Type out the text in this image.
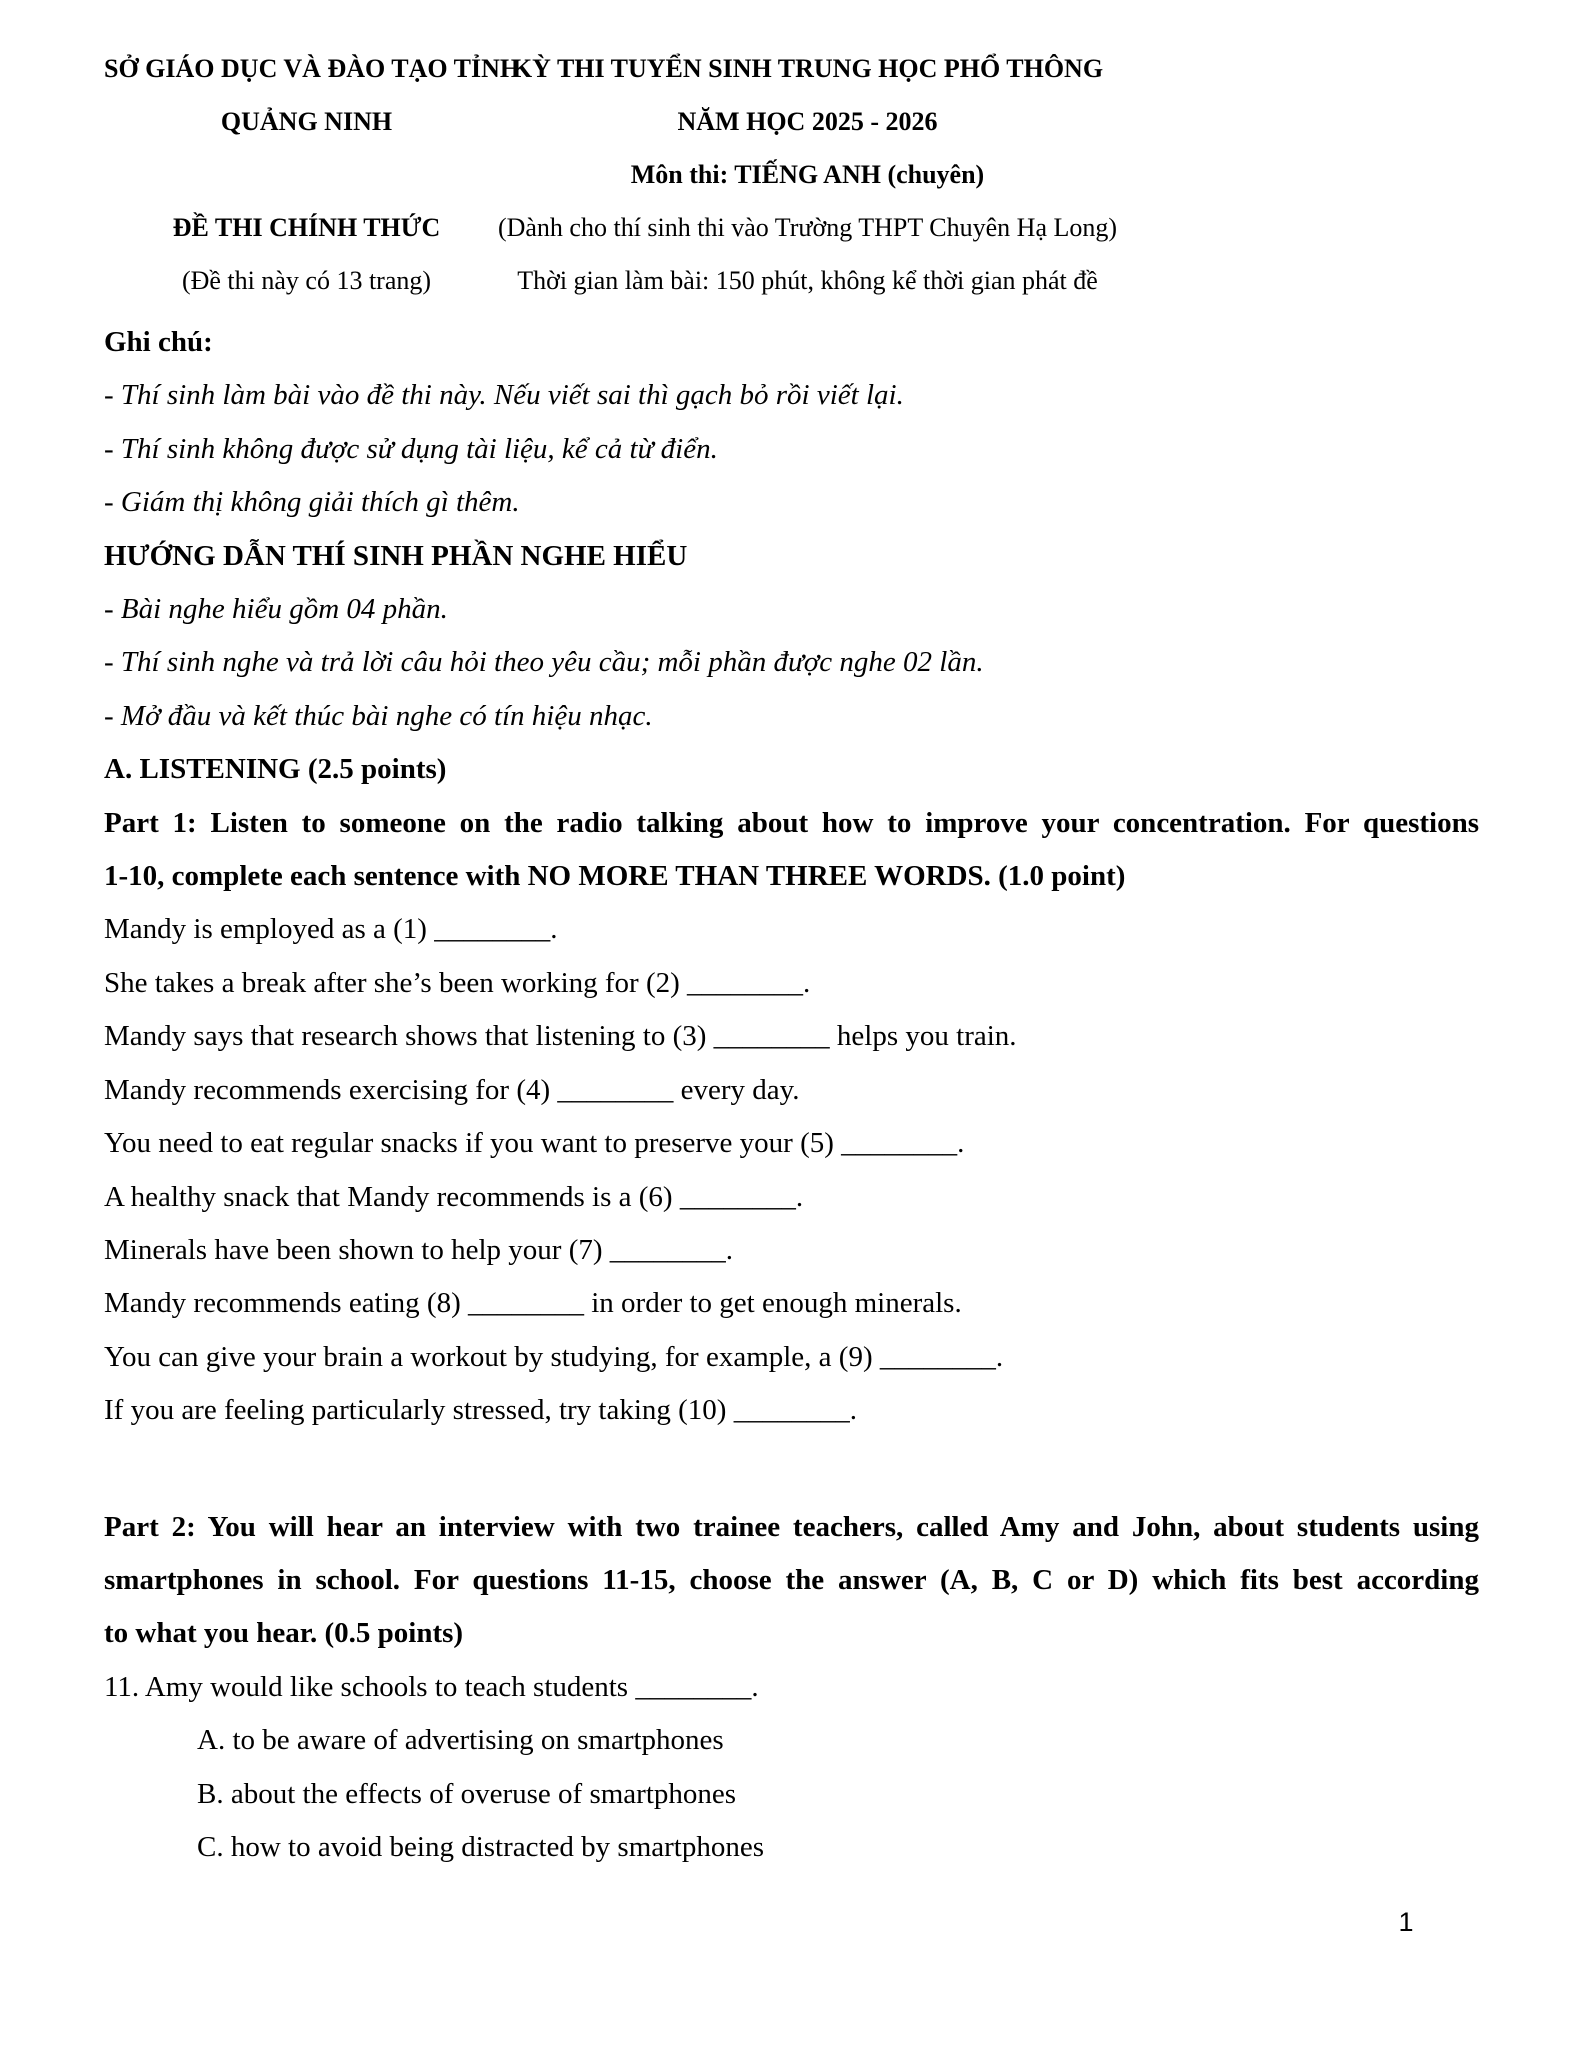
SỞ GIÁO DỤC VÀ ĐÀO TẠO TỈNH
QUẢNG NINH
ĐỀ THI CHÍNH THỨC
(Đề thi này có 13 trang)
KỲ THI TUYỂN SINH TRUNG HỌC PHỔ THÔNG
NĂM HỌC 2025 - 2026
Môn thi: TIẾNG ANH (chuyên)
(Dành cho thí sinh thi vào Trường THPT Chuyên Hạ Long)
Thời gian làm bài: 150 phút, không kể thời gian phát đề
Ghi chú:
- Thí sinh làm bài vào đề thi này. Nếu viết sai thì gạch bỏ rồi viết lại.
- Thí sinh không được sử dụng tài liệu, kể cả từ điển.
- Giám thị không giải thích gì thêm.
HƯỚNG DẪN THÍ SINH PHẦN NGHE HIỂU
- Bài nghe hiểu gồm 04 phần.
- Thí sinh nghe và trả lời câu hỏi theo yêu cầu; mỗi phần được nghe 02 lần.
- Mở đầu và kết thúc bài nghe có tín hiệu nhạc.
A. LISTENING (2.5 points)
Part 1: Listen to someone on the radio talking about how to improve your concentration. For questions
1-10, complete each sentence with NO MORE THAN THREE WORDS. (1.0 point)
Mandy is employed as a (1) ________.
She takes a break after she’s been working for (2) ________.
Mandy says that research shows that listening to (3) ________ helps you train.
Mandy recommends exercising for (4) ________ every day.
You need to eat regular snacks if you want to preserve your (5) ________.
A healthy snack that Mandy recommends is a (6) ________.
Minerals have been shown to help your (7) ________.
Mandy recommends eating (8) ________ in order to get enough minerals.
You can give your brain a workout by studying, for example, a (9) ________.
If you are feeling particularly stressed, try taking (10) ________.
Part 2: You will hear an interview with two trainee teachers, called Amy and John, about students using
smartphones in school. For questions 11-15, choose the answer (A, B, C or D) which fits best according
to what you hear. (0.5 points)
11. Amy would like schools to teach students ________.
A. to be aware of advertising on smartphones
B. about the effects of overuse of smartphones
C. how to avoid being distracted by smartphones
1
